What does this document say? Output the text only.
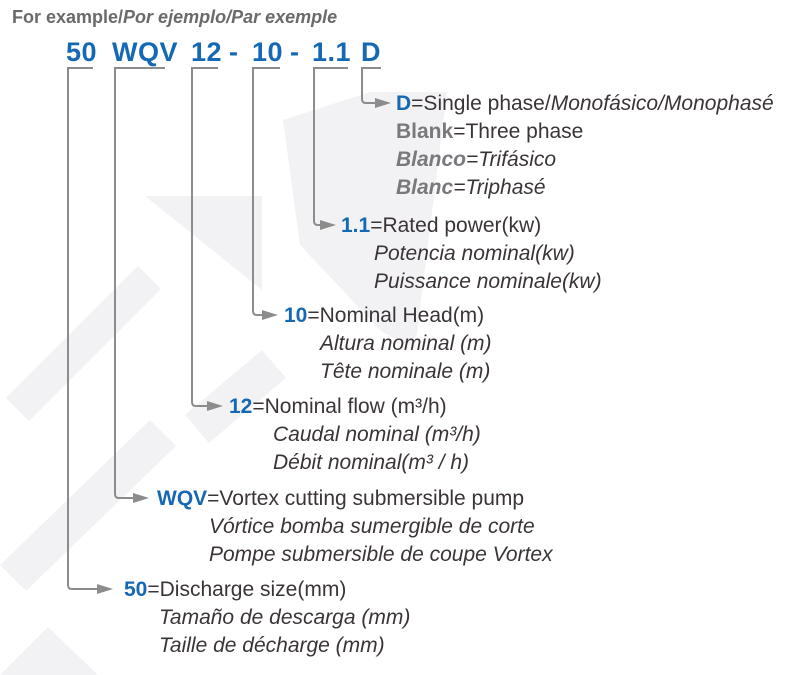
For example/Por ejemplo/Par exemple
50 WQV 12 - 10 - 1.1 D
D=Single phase/Monofásico/Monophasé
Blank=Three phase
Blanco=Trifásico
Blanc=Triphasé
1.1=Rated power(kw)
Potencia nominal(kw)
Puissance nominale(kw)
10=Nominal Head(m)
Altura nominal (m)
Tête nominale (m)
12=Nominal flow (m³/h)
Caudal nominal (m³/h)
Débit nominal(m³ / h)
WQV=Vortex cutting submersible pump
Vórtice bomba sumergible de corte
Pompe submersible de coupe Vortex
50=Discharge size(mm)
Tamaño de descarga (mm)
Taille de décharge (mm)
